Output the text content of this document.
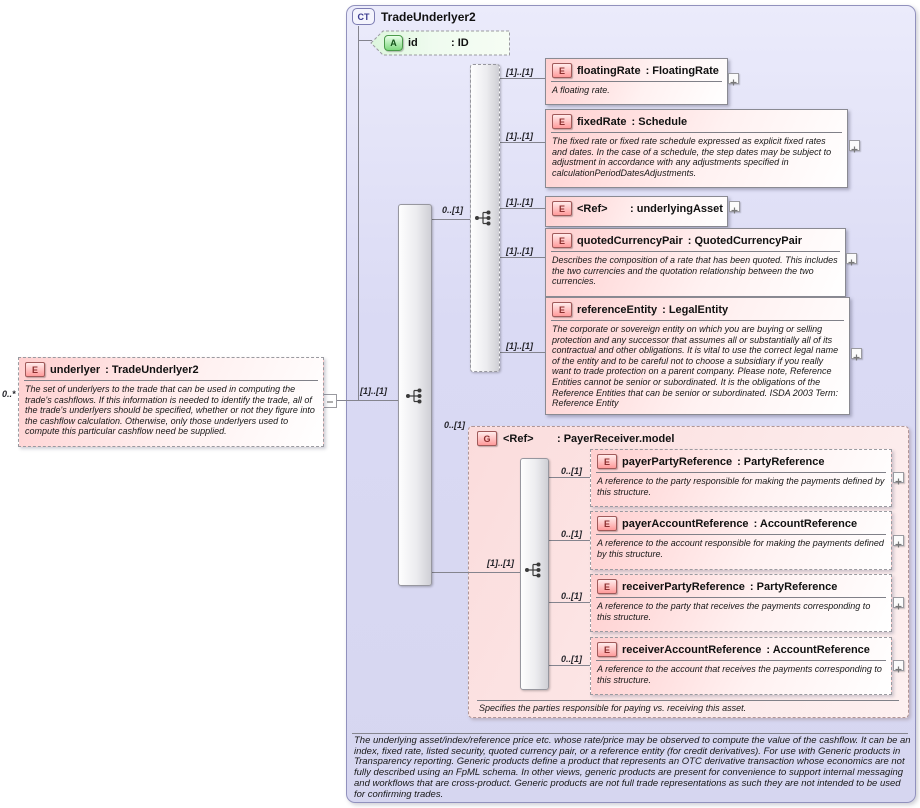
CT TradeUnderlyer2
G	<Ref>	: PayerReceiver.model
Specifies the parties responsible for paying vs. receiving this asset.
0..*	[1]..[1]
0..[1]
[1]..[1]
[1]..[1]
[1]..[1]
[1]..[1]
[1]..[1]
0..[1]
[1]..[1]
0..[1]
0..[1]
0..[1]
0..[1]
A	id	: ID
E	underlyer : TradeUnderlyer2
The set of underlyers to the trade that can be used in computing the trade's cashflows. If this information is needed to identify the trade, all of the trade's underlyers should be specified, whether or not they figure into the cashflow calculation. Otherwise, only those underlyers used to compute this particular cashflow need be supplied.
E	floatingRate : FloatingRate
A floating rate.
E	fixedRate : Schedule
The fixed rate or fixed rate schedule expressed as explicit fixed rates and dates. In the case of a schedule, the step dates may be subject to adjustment in accordance with any adjustments specified in calculationPeriodDatesAdjustments.
E	<Ref>	: underlyingAsset
E	quotedCurrencyPair : QuotedCurrencyPair
Describes the composition of a rate that has been quoted. This includes the two currencies and the quotation relationship between the two currencies.
E	referenceEntity : LegalEntity
The corporate or sovereign entity on which you are buying or selling protection and any successor that assumes all or substantially all of its contractual and other obligations. It is vital to use the correct legal name of the entity and to be careful not to choose a subsidiary if you really want to trade protection on a parent company. Please note, Reference Entities cannot be senior or subordinated. It is the obligations of the Reference Entities that can be senior or subordinated. ISDA 2003 Term: Reference Entity
E	payerPartyReference : PartyReference
A reference to the party responsible for making the payments defined by this structure.
E	payerAccountReference : AccountReference
A reference to the account responsible for making the payments defined by this structure.
E	receiverPartyReference : PartyReference
A reference to the party that receives the payments corresponding to this structure.
E	receiverAccountReference : AccountReference
A reference to the account that receives the payments corresponding to this structure.
The underlying asset/index/reference price etc. whose rate/price may be observed to compute the value of the cashflow. It can be an index, fixed rate, listed security, quoted currency pair, or a reference entity (for credit derivatives). For use with Generic products in Transparency reporting. Generic products define a product that represents an OTC derivative transaction whose economics are not fully described using an FpML schema. In other views, generic products are present for convenience to support internal messaging and workflows that are cross-product. Generic products are not full trade representations as such they are not intended to be used for confirming trades.
